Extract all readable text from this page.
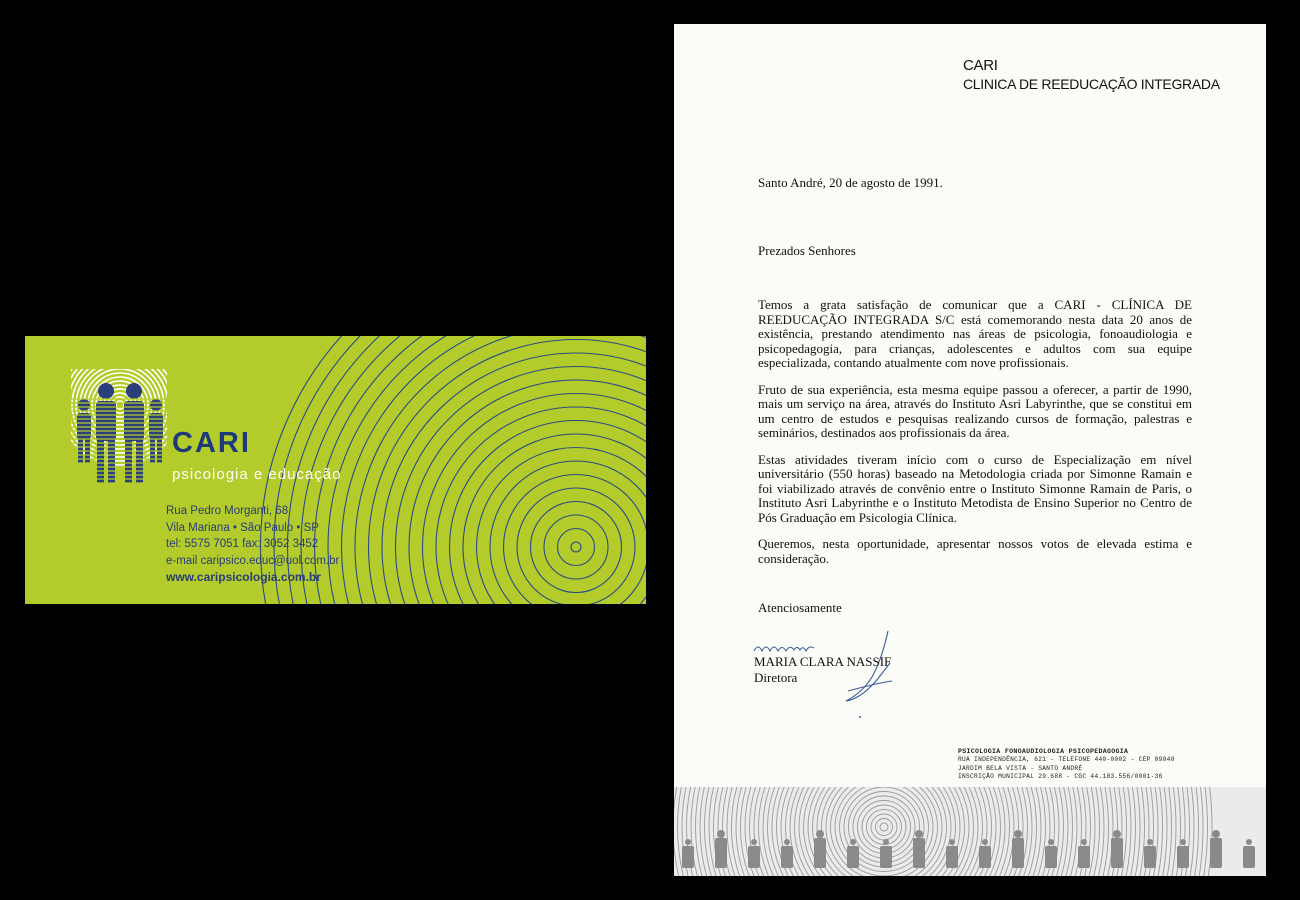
CARI
psicologia e educação
Rua Pedro Morganti, 68
Vila Mariana • São Paulo • SP
tel: 5575 7051 fax: 3052 3452
e-mail caripsico.educ@uol.com.br
www.caripsicologia.com.br
CARI
CLINICA DE REEDUCAÇÃO INTEGRADA
Santo André, 20 de agosto de 1991.
Prezados Senhores

Temos a grata satisfação de comunicar que a CARI - CLÍNICA DE REEDUCAÇÃO INTEGRADA S/C está comemorando nesta data 20 anos de existência, prestando atendimento nas áreas de psicologia, fonoaudiologia e psicopedagogia, para crianças, adolescentes e adultos com sua equipe especializada, contando atualmente com nove profissionais.

Fruto de sua experiência, esta mesma equipe passou a oferecer, a partir de 1990, mais um serviço na área, através do Instituto Asri Labyrinthe, que se constitui em um centro de estudos e pesquisas realizando cursos de formação, palestras e seminários, destinados aos profissionais da área.

Estas atividades tiveram início com o curso de Especialização em nível universitário (550 horas) baseado na Metodologia criada por Simonne Ramain e foi viabilizado através de convênio entre o Instituto Simonne Ramain de Paris, o Instituto Asri Labyrinthe e o Instituto Metodista de Ensino Superior no Centro de Pós Graduação em Psicologia Clínica.

Queremos, nesta oportunidade, apresentar nossos votos de elevada estima e consideração.

Atenciosamente
MARIA CLARA NASSIF
Diretora
PSICOLOGIA FONOAUDIOLOGIA PSICOPEDAGOGIA
RUA INDEPENDÊNCIA, 621 - TELEFONE 440-0002 - CEP 09040
JARDIM BELA VISTA - SANTO ANDRÉ
INSCRIÇÃO MUNICIPAL 29.688 - CGC 44.183.556/0001-36
